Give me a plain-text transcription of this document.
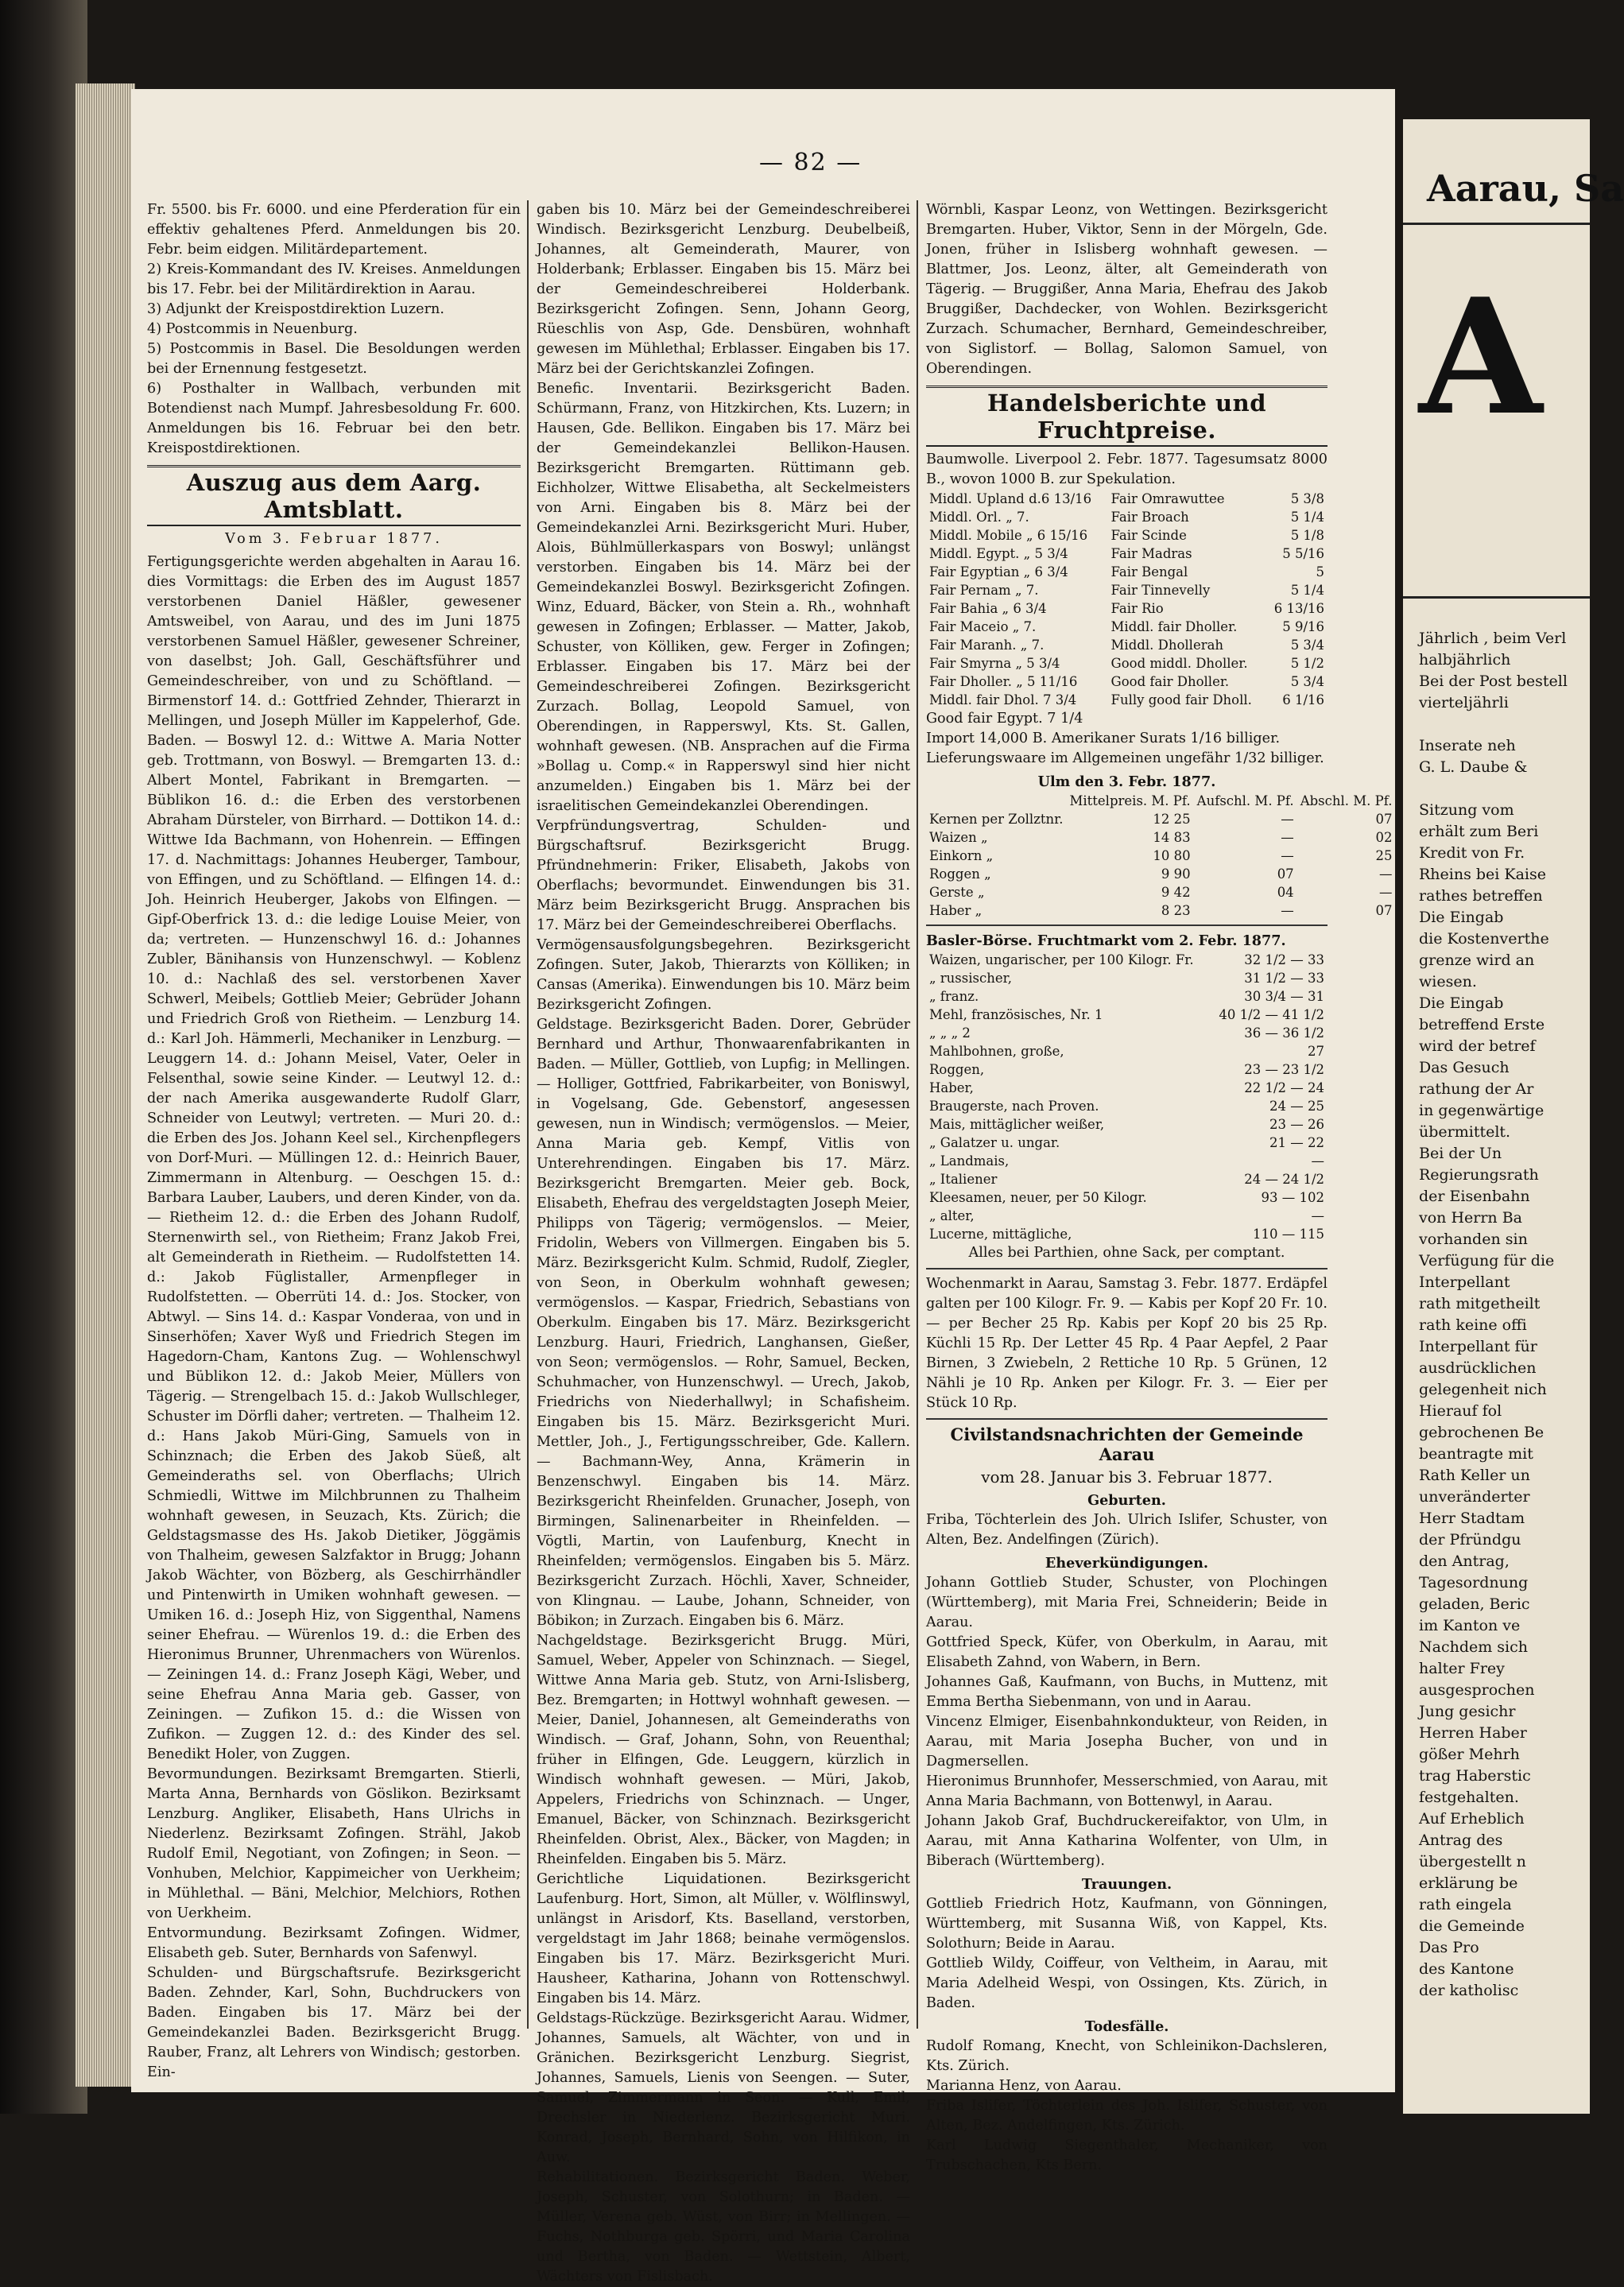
— 82 —

Fr. 5500. bis Fr. 6000. und eine Pferderation für ein effektiv gehaltenes Pferd. Anmeldungen bis 20. Febr. beim eidgen. Militärdepartement.

2) Kreis-Kommandant des IV. Kreises. Anmeldungen bis 17. Febr. bei der Militärdirektion in Aarau.

3) Adjunkt der Kreispostdirektion Luzern.

4) Postcommis in Neuenburg.

5) Postcommis in Basel. Die Besoldungen werden bei der Ernennung festgesetzt.

6) Posthalter in Wallbach, verbunden mit Botendienst nach Mumpf. Jahresbesoldung Fr. 600. Anmeldungen bis 16. Februar bei den betr. Kreispostdirektionen.

Auszug aus dem Aarg. Amtsblatt.
Vom 3. Februar 1877.

Fertigungsgerichte werden abgehalten in Aarau 16. dies Vormittags: die Erben des im August 1857 verstorbenen Daniel Häßler, gewesener Amtsweibel, von Aarau, und des im Juni 1875 verstorbenen Samuel Häßler, gewesener Schreiner, von daselbst; Joh. Gall, Geschäftsführer und Gemeindeschreiber, von und zu Schöftland. — Birmenstorf 14. d.: Gottfried Zehnder, Thierarzt in Mellingen, und Joseph Müller im Kappelerhof, Gde. Baden. — Boswyl 12. d.: Wittwe A. Maria Notter geb. Trottmann, von Boswyl. — Bremgarten 13. d.: Albert Montel, Fabrikant in Bremgarten. — Büblikon 16. d.: die Erben des verstorbenen Abraham Dürsteler, von Birrhard. — Dottikon 14. d.: Wittwe Ida Bachmann, von Hohenrein. — Effingen 17. d. Nachmittags: Johannes Heuberger, Tambour, von Effingen, und zu Schöftland. — Elfingen 14. d.: Joh. Heinrich Heuberger, Jakobs von Elfingen. — Gipf-Oberfrick 13. d.: die ledige Louise Meier, von da; vertreten. — Hunzenschwyl 16. d.: Johannes Zubler, Bänihansis von Hunzenschwyl. — Koblenz 10. d.: Nachlaß des sel. verstorbenen Xaver Schwerl, Meibels; Gottlieb Meier; Gebrüder Johann und Friedrich Groß von Rietheim. — Lenzburg 14. d.: Karl Joh. Hämmerli, Mechaniker in Lenzburg. — Leuggern 14. d.: Johann Meisel, Vater, Oeler in Felsenthal, sowie seine Kinder. — Leutwyl 12. d.: der nach Amerika ausgewanderte Rudolf Glarr, Schneider von Leutwyl; vertreten. — Muri 20. d.: die Erben des Jos. Johann Keel sel., Kirchenpflegers von Dorf-Muri. — Müllingen 12. d.: Heinrich Bauer, Zimmermann in Altenburg. — Oeschgen 15. d.: Barbara Lauber, Laubers, und deren Kinder, von da. — Rietheim 12. d.: die Erben des Johann Rudolf, Sternenwirth sel., von Rietheim; Franz Jakob Frei, alt Gemeinderath in Rietheim. — Rudolfstetten 14. d.: Jakob Füglistaller, Armenpfleger in Rudolfstetten. — Oberrüti 14. d.: Jos. Stocker, von Abtwyl. — Sins 14. d.: Kaspar Vonderaa, von und in Sinserhöfen; Xaver Wyß und Friedrich Stegen im Hagedorn-Cham, Kantons Zug. — Wohlenschwyl und Büblikon 12. d.: Jakob Meier, Müllers von Tägerig. — Strengelbach 15. d.: Jakob Wullschleger, Schuster im Dörfli daher; vertreten. — Thalheim 12. d.: Hans Jakob Müri-Ging, Samuels von in Schinznach; die Erben des Jakob Süeß, alt Gemeinderaths sel. von Oberflachs; Ulrich Schmiedli, Wittwe im Milchbrunnen zu Thalheim wohnhaft gewesen, in Seuzach, Kts. Zürich; die Geldstagsmasse des Hs. Jakob Dietiker, Jöggämis von Thalheim, gewesen Salzfaktor in Brugg; Johann Jakob Wächter, von Bözberg, als Geschirrhändler und Pintenwirth in Umiken wohnhaft gewesen. — Umiken 16. d.: Joseph Hiz, von Siggenthal, Namens seiner Ehefrau. — Würenlos 19. d.: die Erben des Hieronimus Brunner, Uhrenmachers von Würenlos. — Zeiningen 14. d.: Franz Joseph Kägi, Weber, und seine Ehefrau Anna Maria geb. Gasser, von Zeiningen. — Zufikon 15. d.: die Wissen von Zufikon. — Zuggen 12. d.: des Kinder des sel. Benedikt Holer, von Zuggen.

Bevormundungen. Bezirksamt Bremgarten. Stierli, Marta Anna, Bernhards von Göslikon. Bezirksamt Lenzburg. Angliker, Elisabeth, Hans Ulrichs in Niederlenz. Bezirksamt Zofingen. Strähl, Jakob Rudolf Emil, Negotiant, von Zofingen; in Seon. — Vonhuben, Melchior, Kappimeicher von Uerkheim; in Mühlethal. — Bäni, Melchior, Melchiors, Rothen von Uerkheim.

Entvormundung. Bezirksamt Zofingen. Widmer, Elisabeth geb. Suter, Bernhards von Safenwyl.

Schulden- und Bürgschaftsrufe. Bezirksgericht Baden. Zehnder, Karl, Sohn, Buchdruckers von Baden. Eingaben bis 17. März bei der Gemeindekanzlei Baden. Bezirksgericht Brugg. Rauber, Franz, alt Lehrers von Windisch; gestorben. Ein-

gaben bis 10. März bei der Gemeindeschreiberei Windisch. Bezirksgericht Lenzburg. Deubelbeiß, Johannes, alt Gemeinderath, Maurer, von Holderbank; Erblasser. Eingaben bis 15. März bei der Gemeindeschreiberei Holderbank. Bezirksgericht Zofingen. Senn, Johann Georg, Rüeschlis von Asp, Gde. Densbüren, wohnhaft gewesen im Mühlethal; Erblasser. Eingaben bis 17. März bei der Gerichtskanzlei Zofingen.

Benefic. Inventarii. Bezirksgericht Baden. Schürmann, Franz, von Hitzkirchen, Kts. Luzern; in Hausen, Gde. Bellikon. Eingaben bis 17. März bei der Gemeindekanzlei Bellikon-Hausen. Bezirksgericht Bremgarten. Rüttimann geb. Eichholzer, Wittwe Elisabetha, alt Seckelmeisters von Arni. Eingaben bis 8. März bei der Gemeindekanzlei Arni. Bezirksgericht Muri. Huber, Alois, Bühlmüllerkaspars von Boswyl; unlängst verstorben. Eingaben bis 14. März bei der Gemeindekanzlei Boswyl. Bezirksgericht Zofingen. Winz, Eduard, Bäcker, von Stein a. Rh., wohnhaft gewesen in Zofingen; Erblasser. — Matter, Jakob, Schuster, von Kölliken, gew. Ferger in Zofingen; Erblasser. Eingaben bis 17. März bei der Gemeindeschreiberei Zofingen. Bezirksgericht Zurzach. Bollag, Leopold Samuel, von Oberendingen, in Rapperswyl, Kts. St. Gallen, wohnhaft gewesen. (NB. Ansprachen auf die Firma »Bollag u. Comp.« in Rapperswyl sind hier nicht anzumelden.) Eingaben bis 1. März bei der israelitischen Gemeindekanzlei Oberendingen.

Verpfründungsvertrag, Schulden- und Bürgschaftsruf. Bezirksgericht Brugg. Pfründnehmerin: Friker, Elisabeth, Jakobs von Oberflachs; bevormundet. Einwendungen bis 31. März beim Bezirksgericht Brugg. Ansprachen bis 17. März bei der Gemeindeschreiberei Oberflachs.

Vermögensausfolgungsbegehren. Bezirksgericht Zofingen. Suter, Jakob, Thierarzts von Kölliken; in Cansas (Amerika). Einwendungen bis 10. März beim Bezirksgericht Zofingen.

Geldstage. Bezirksgericht Baden. Dorer, Gebrüder Bernhard und Arthur, Thonwaarenfabrikanten in Baden. — Müller, Gottlieb, von Lupfig; in Mellingen. — Holliger, Gottfried, Fabrikarbeiter, von Boniswyl, in Vogelsang, Gde. Gebenstorf, angesessen gewesen, nun in Windisch; vermögenslos. — Meier, Anna Maria geb. Kempf, Vitlis von Unterehrendingen. Eingaben bis 17. März. Bezirksgericht Bremgarten. Meier geb. Bock, Elisabeth, Ehefrau des vergeldstagten Joseph Meier, Philipps von Tägerig; vermögenslos. — Meier, Fridolin, Webers von Villmergen. Eingaben bis 5. März. Bezirksgericht Kulm. Schmid, Rudolf, Ziegler, von Seon, in Oberkulm wohnhaft gewesen; vermögenslos. — Kaspar, Friedrich, Sebastians von Oberkulm. Eingaben bis 17. März. Bezirksgericht Lenzburg. Hauri, Friedrich, Langhansen, Gießer, von Seon; vermögenslos. — Rohr, Samuel, Becken, Schuhmacher, von Hunzenschwyl. — Urech, Jakob, Friedrichs von Niederhallwyl; in Schafisheim. Eingaben bis 15. März. Bezirksgericht Muri. Mettler, Joh., J., Fertigungsschreiber, Gde. Kallern. — Bachmann-Wey, Anna, Krämerin in Benzenschwyl. Eingaben bis 14. März. Bezirksgericht Rheinfelden. Grunacher, Joseph, von Birmingen, Salinenarbeiter in Rheinfelden. — Vögtli, Martin, von Laufenburg, Knecht in Rheinfelden; vermögenslos. Eingaben bis 5. März. Bezirksgericht Zurzach. Höchli, Xaver, Schneider, von Klingnau. — Laube, Johann, Schneider, von Böbikon; in Zurzach. Eingaben bis 6. März.

Nachgeldstage. Bezirksgericht Brugg. Müri, Samuel, Weber, Appeler von Schinznach. — Siegel, Wittwe Anna Maria geb. Stutz, von Arni-Islisberg, Bez. Bremgarten; in Hottwyl wohnhaft gewesen. — Meier, Daniel, Johannesen, alt Gemeinderaths von Windisch. — Graf, Johann, Sohn, von Reuenthal; früher in Elfingen, Gde. Leuggern, kürzlich in Windisch wohnhaft gewesen. — Müri, Jakob, Appelers, Friedrichs von Schinznach. — Unger, Emanuel, Bäcker, von Schinznach. Bezirksgericht Rheinfelden. Obrist, Alex., Bäcker, von Magden; in Rheinfelden. Eingaben bis 5. März.

Gerichtliche Liquidationen. Bezirksgericht Laufenburg. Hort, Simon, alt Müller, v. Wölflinswyl, unlängst in Arisdorf, Kts. Baselland, verstorben, vergeldstagt im Jahr 1868; beinahe vermögenslos. Eingaben bis 17. März. Bezirksgericht Muri. Hausheer, Katharina, Johann von Rottenschwyl. Eingaben bis 14. März.

Geldstags-Rückzüge. Bezirksgericht Aarau. Widmer, Johannes, Samuels, alt Wächter, von und in Gränichen. Bezirksgericht Lenzburg. Siegrist, Johannes, Samuels, Lienis von Seengen. — Suter, Samuel, Zimmermann in Seon. — Kull, Emil, Drechsler in Niederlenz. Bezirksgericht Muri. Konrad, Joseph, Bernhard, Sohn, von Hilfikon, in Auw.

Rehabilitationen. Bezirksgericht Baden. Weber, Joseph, Schuster, von Solothurn; in Baden. — Müller, Verena geb. Wüst, von Birr; in Mellingen. — Fuchs, Nothburga geb. Spörri, und Maria Carolina und Bertha, von Baden. — Wettstein, Albert, Wächters von Fislisbach.

Wörnbli, Kaspar Leonz, von Wettingen. Bezirksgericht Bremgarten. Huber, Viktor, Senn in der Mörgeln, Gde. Jonen, früher in Islisberg wohnhaft gewesen. — Blattmer, Jos. Leonz, älter, alt Gemeinderath von Tägerig. — Bruggißer, Anna Maria, Ehefrau des Jakob Bruggißer, Dachdecker, von Wohlen. Bezirksgericht Zurzach. Schumacher, Bernhard, Gemeindeschreiber, von Siglistorf. — Bollag, Salomon Samuel, von Oberendingen.

Handelsberichte und Fruchtpreise.

Baumwolle. Liverpool 2. Febr. 1877. Tagesumsatz 8000 B., wovon 1000 B. zur Spekulation.

Middl. Upland d.6 13/16	Fair Omrawuttee	5 3/8
Middl. Orl. „ 7.	Fair Broach	5 1/4
Middl. Mobile „ 6 15/16	Fair Scinde	5 1/8
Middl. Egypt. „ 5 3/4	Fair Madras	5 5/16
Fair Egyptian „ 6 3/4	Fair Bengal	5
Fair Pernam „ 7.	Fair Tinnevelly	5 1/4
Fair Bahia „ 6 3/4	Fair Rio	6 13/16
Fair Maceio „ 7.	Middl. fair Dholler.	5 9/16
Fair Maranh. „ 7.	Middl. Dhollerah	5 3/4
Fair Smyrna „ 5 3/4	Good middl. Dholler.	5 1/2
Fair Dholler. „ 5 11/16	Good fair Dholler.	5 3/4
Middl. fair Dhol. 7 3/4	Fully good fair Dholl.	6 1/16
Good fair Egypt. 7 1/4
Import 14,000 B. Amerikaner Surats 1/16 billiger.
Lieferungswaare im Allgemeinen ungefähr 1/32 billiger.
Ulm den 3. Febr. 1877.
	Mittelpreis. M. Pf.	Aufschl. M. Pf.	Abschl. M. Pf.
Kernen per Zollztnr.	12 25	—	07
Waizen „	14 83	—	02
Einkorn „	10 80	—	25
Roggen „	9 90	07	—
Gerste „	9 42	04	—
Haber „	8 23	—	07
Basler-Börse. Fruchtmarkt vom 2. Febr. 1877.
Waizen, ungarischer, per 100 Kilogr. Fr.	32 1/2 — 33
„ russischer,	31 1/2 — 33
„ franz.	30 3/4 — 31
Mehl, französisches, Nr. 1	40 1/2 — 41 1/2
„ „ „ 2	36 — 36 1/2
Mahlbohnen, große,	27
Roggen,	23 — 23 1/2
Haber,	22 1/2 — 24
Braugerste, nach Proven.	24 — 25
Mais, mittäglicher weißer,	23 — 26
„ Galatzer u. ungar.	21 — 22
„ Landmais,	—
„ Italiener	24 — 24 1/2
Kleesamen, neuer, per 50 Kilogr.	93 — 102
„ alter,	—
Lucerne, mittägliche,	110 — 115
Alles bei Parthien, ohne Sack, per comptant.

Wochenmarkt in Aarau, Samstag 3. Febr. 1877. Erdäpfel galten per 100 Kilogr. Fr. 9. — Kabis per Kopf 20 Fr. 10. — per Becher 25 Rp. Kabis per Kopf 20 bis 25 Rp. Küchli 15 Rp. Der Letter 45 Rp. 4 Paar Aepfel, 2 Paar Birnen, 3 Zwiebeln, 2 Rettiche 10 Rp. 5 Grünen, 12 Nähli je 10 Rp. Anken per Kilogr. Fr. 3. — Eier per Stück 10 Rp.

Civilstandsnachrichten der Gemeinde Aarau
vom 28. Januar bis 3. Februar 1877.
Geburten.

Friba, Töchterlein des Joh. Ulrich Islifer, Schuster, von Alten, Bez. Andelfingen (Zürich).

Eheverkündigungen.

Johann Gottlieb Studer, Schuster, von Plochingen (Württemberg), mit Maria Frei, Schneiderin; Beide in Aarau.

Gottfried Speck, Küfer, von Oberkulm, in Aarau, mit Elisabeth Zahnd, von Wabern, in Bern.

Johannes Gaß, Kaufmann, von Buchs, in Muttenz, mit Emma Bertha Siebenmann, von und in Aarau.

Vincenz Elmiger, Eisenbahnkondukteur, von Reiden, in Aarau, mit Maria Josepha Bucher, von und in Dagmersellen.

Hieronimus Brunnhofer, Messerschmied, von Aarau, mit Anna Maria Bachmann, von Bottenwyl, in Aarau.

Johann Jakob Graf, Buchdruckereifaktor, von Ulm, in Aarau, mit Anna Katharina Wolfenter, von Ulm, in Biberach (Württemberg).

Trauungen.

Gottlieb Friedrich Hotz, Kaufmann, von Gönningen, Württemberg, mit Susanna Wiß, von Kappel, Kts. Solothurn; Beide in Aarau.

Gottlieb Wildy, Coiffeur, von Veltheim, in Aarau, mit Maria Adelheid Wespi, von Ossingen, Kts. Zürich, in Baden.

Todesfälle.

Rudolf Romang, Knecht, von Schleinikon-Dachsleren, Kts. Zürich.

Marianna Henz, von Aarau.

Friba Islifer, Töchterlein des Joh. Islifer, Schuster, von Alten, Bez. Andelfingen, Kts. Zürich.

Karl Ludwig Siegenthaler, Mechaniker, von Trubschachen, Kts Bern.

Aarau, Sa
A

Jährlich , beim Verl

halbjährlich

Bei der Post bestell

vierteljährli

Inserate neh

G. L. Daube &

Sitzung vom

erhält zum Beri

Kredit von Fr.

Rheins bei Kaise

rathes betreffen

Die Eingab

die Kostenverthe

grenze wird an

wiesen.

Die Eingab

betreffend Erste

wird der betref

Das Gesuch

rathung der Ar

in gegenwärtige

übermittelt.

Bei der Un

Regierungsrath

der Eisenbahn

von Herrn Ba

vorhanden sin

Verfügung für die

Interpellant

rath mitgetheilt

rath keine offi

Interpellant für

ausdrücklichen

gelegenheit nich

Hierauf fol

gebrochenen Be

beantragte mit

Rath Keller un

unveränderter

Herr Stadtam

der Pfründgu

den Antrag,

Tagesordnung

geladen, Beric

im Kanton ve

Nachdem sich

halter Frey

ausgesprochen

Jung gesichr

Herren Haber

gößer Mehrh

trag Haberstic

festgehalten.

Auf Erheblich

Antrag des

übergestellt n

erklärung be

rath eingela

die Gemeinde

Das Pro

des Kantone

der katholisc
